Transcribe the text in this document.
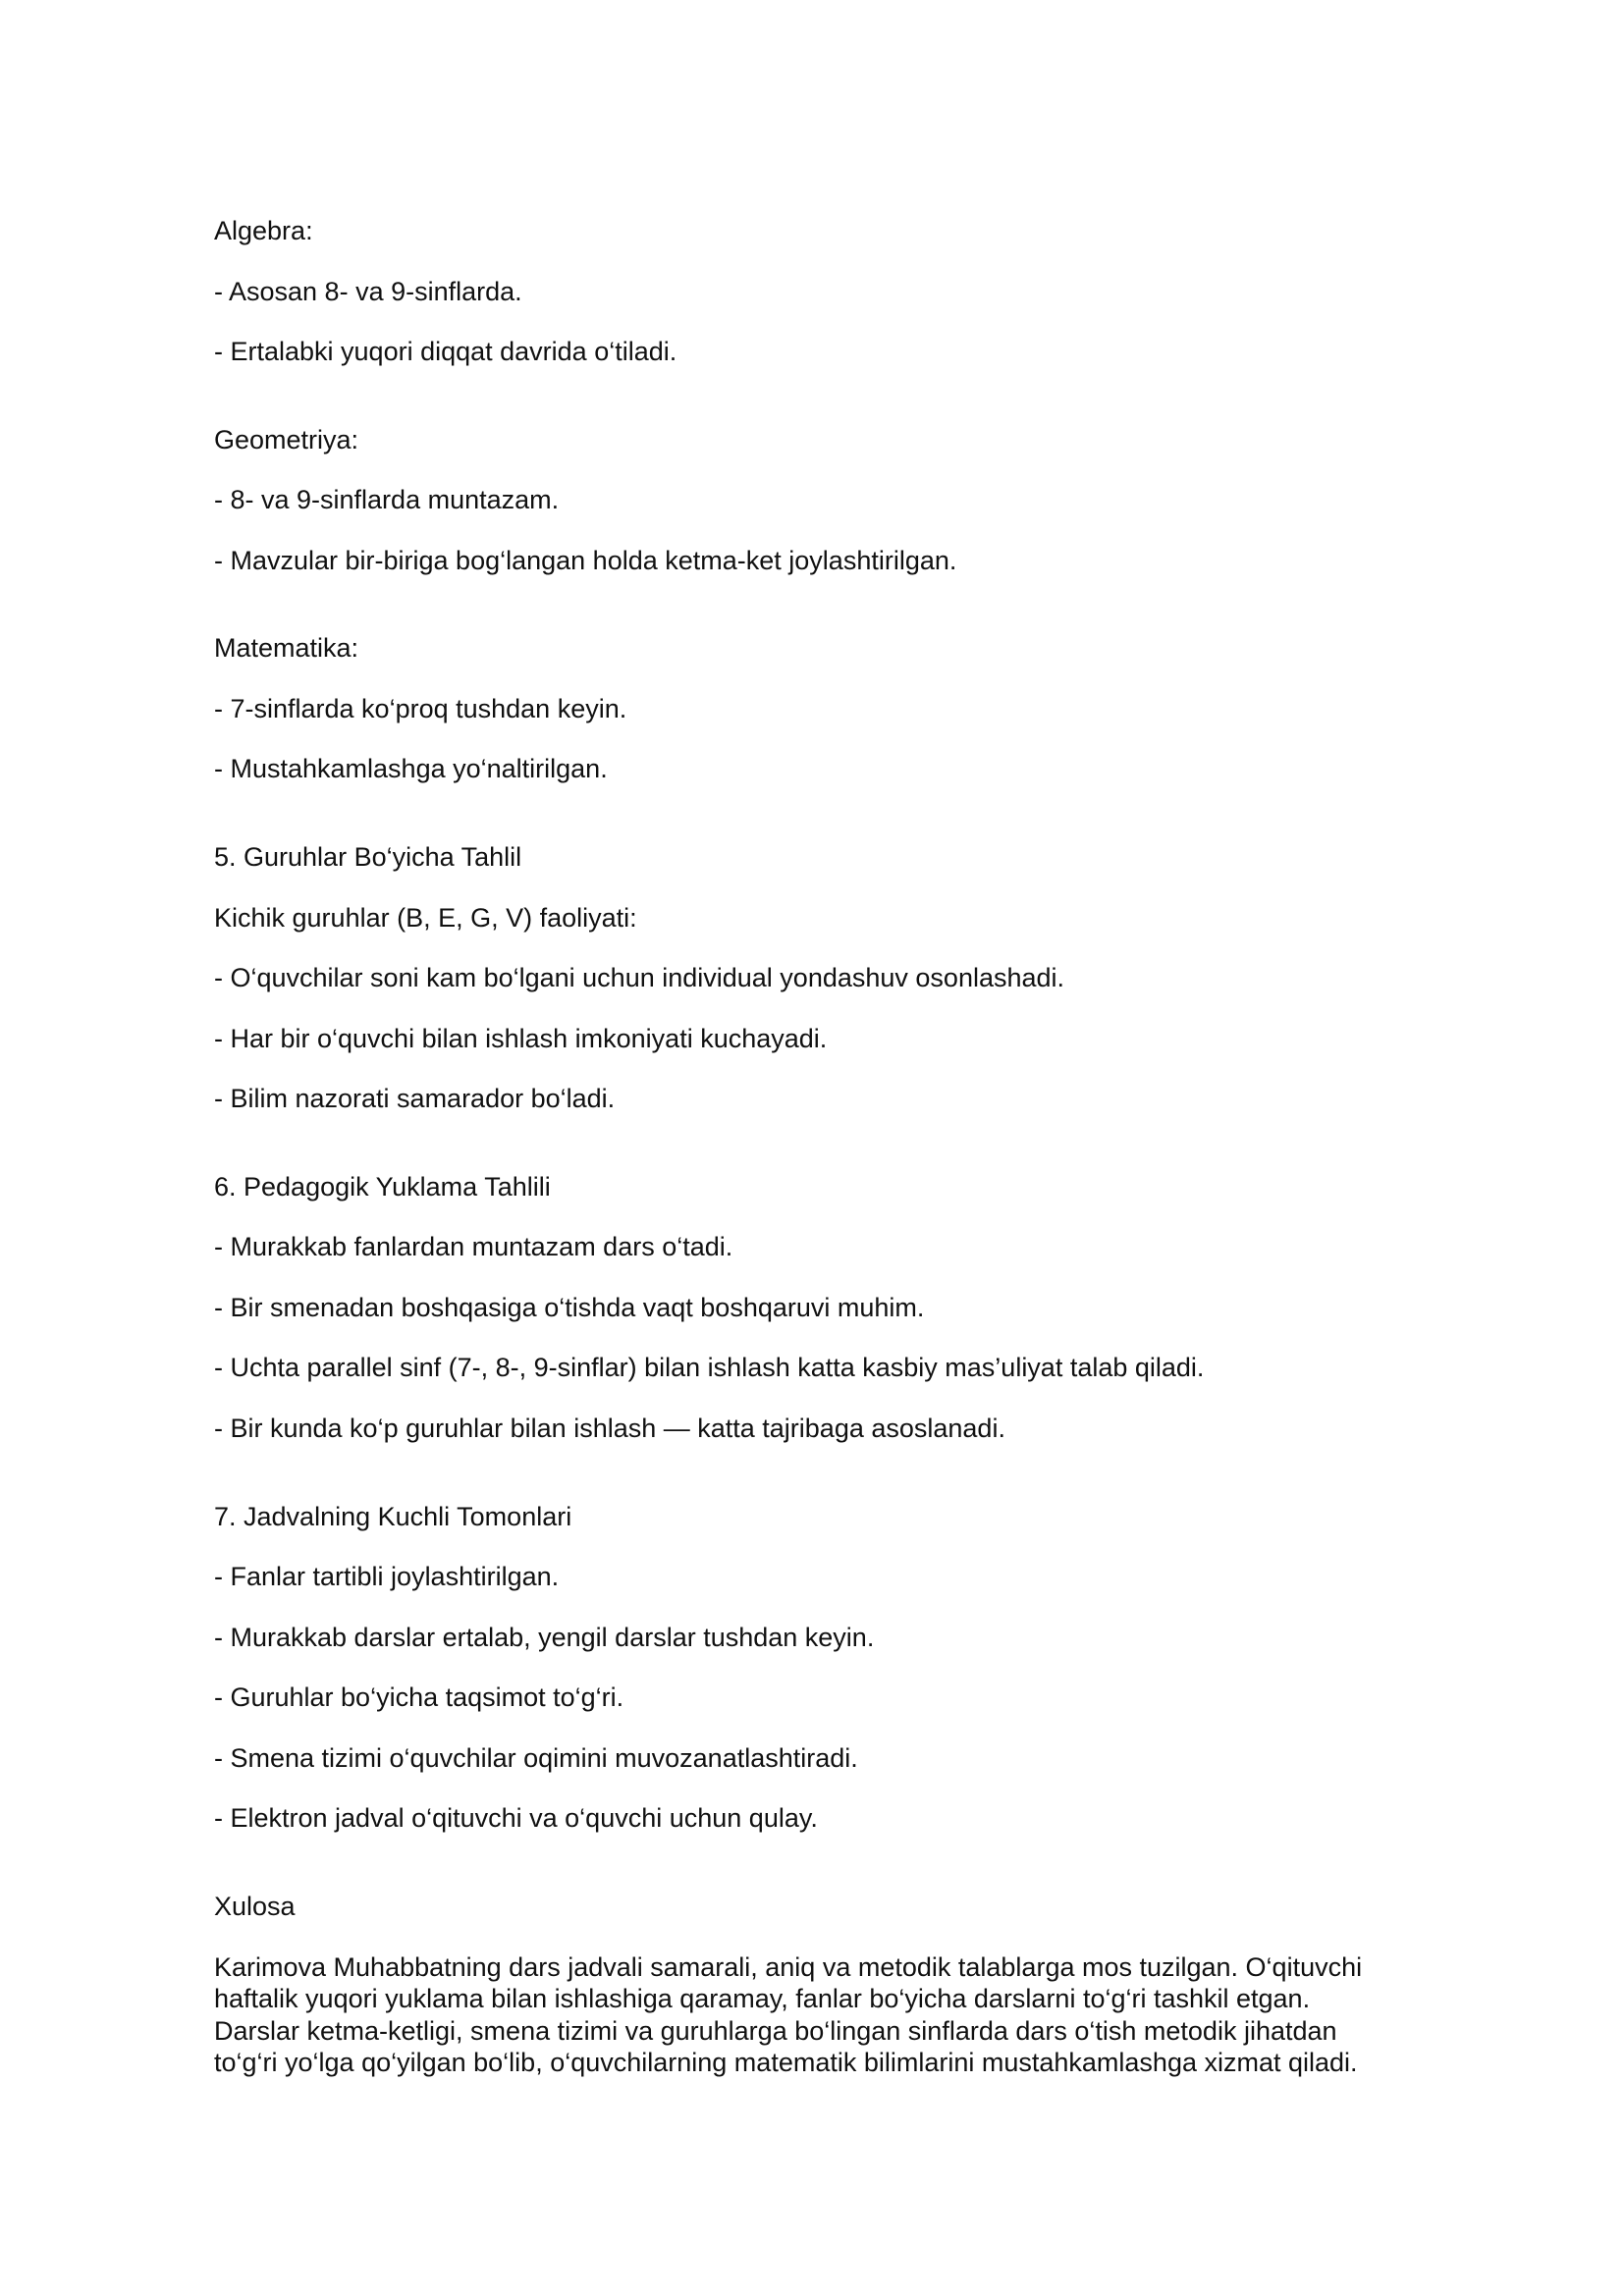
Algebra:

- Asosan 8- va 9-sinflarda.

- Ertalabki yuqori diqqat davrida o‘tiladi.

Geometriya:

- 8- va 9-sinflarda muntazam.

- Mavzular bir-biriga bog‘langan holda ketma-ket joylashtirilgan.

Matematika:

- 7-sinflarda ko‘proq tushdan keyin.

- Mustahkamlashga yo‘naltirilgan.

5. Guruhlar Bo‘yicha Tahlil

Kichik guruhlar (B, E, G, V) faoliyati:

- O‘quvchilar soni kam bo‘lgani uchun individual yondashuv osonlashadi.

- Har bir o‘quvchi bilan ishlash imkoniyati kuchayadi.

- Bilim nazorati samarador bo‘ladi.

6. Pedagogik Yuklama Tahlili

- Murakkab fanlardan muntazam dars o‘tadi.

- Bir smenadan boshqasiga o‘tishda vaqt boshqaruvi muhim.

- Uchta parallel sinf (7-, 8-, 9-sinflar) bilan ishlash katta kasbiy mas’uliyat talab qiladi.

- Bir kunda ko‘p guruhlar bilan ishlash — katta tajribaga asoslanadi.

7. Jadvalning Kuchli Tomonlari

- Fanlar tartibli joylashtirilgan.

- Murakkab darslar ertalab, yengil darslar tushdan keyin.

- Guruhlar bo‘yicha taqsimot to‘g‘ri.

- Smena tizimi o‘quvchilar oqimini muvozanatlashtiradi.

- Elektron jadval o‘qituvchi va o‘quvchi uchun qulay.

Xulosa

Karimova Muhabbatning dars jadvali samarali, aniq va metodik talablarga mos tuzilgan. O‘qituvchi

haftalik yuqori yuklama bilan ishlashiga qaramay, fanlar bo‘yicha darslarni to‘g‘ri tashkil etgan.

Darslar ketma-ketligi, smena tizimi va guruhlarga bo‘lingan sinflarda dars o‘tish metodik jihatdan

to‘g‘ri yo‘lga qo‘yilgan bo‘lib, o‘quvchilarning matematik bilimlarini mustahkamlashga xizmat qiladi.
